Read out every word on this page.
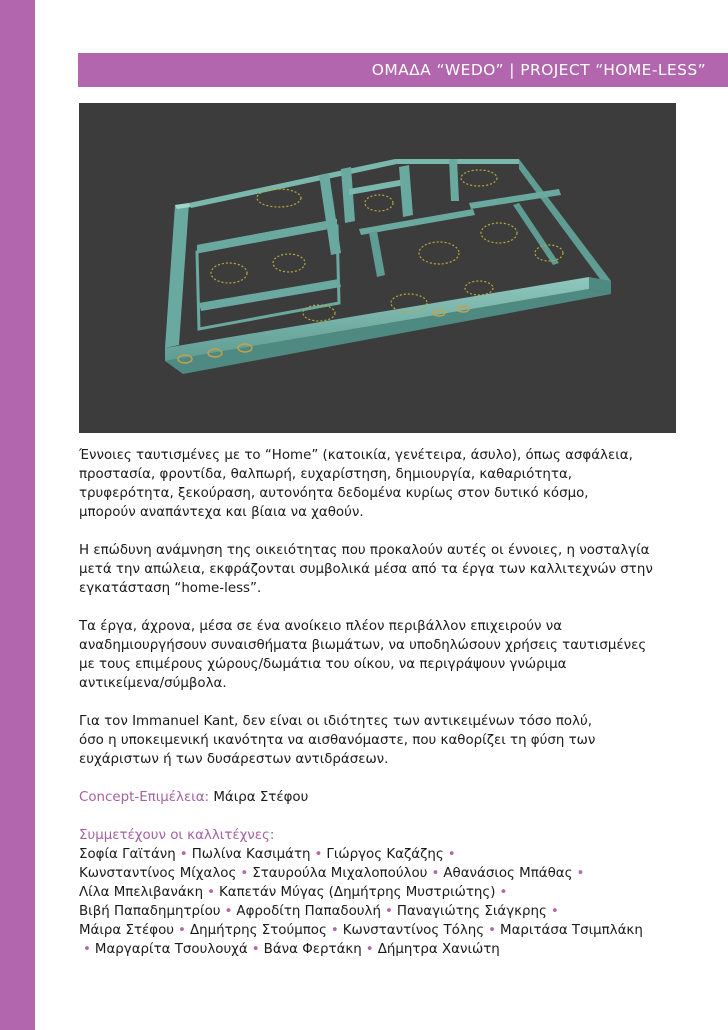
ΟΜΑΔΑ “WEDO” | PROJECT “HOME-LESS”

Έννοιες ταυτισμένες με το “Home” (κατοικία, γενέτειρα, άσυλο), όπως ασφάλεια,
προστασία, φροντίδα, θαλπωρή, ευχαρίστηση, δημιουργία, καθαριότητα,
τρυφερότητα, ξεκούραση, αυτονόητα δεδομένα κυρίως στον δυτικό κόσμο,
μπορούν αναπάντεχα και βίαια να χαθούν.

Η επώδυνη ανάμνηση της οικειότητας που προκαλούν αυτές οι έννοιες, η νοσταλγία
μετά την απώλεια, εκφράζονται συμβολικά μέσα από τα έργα των καλλιτεχνών στην
εγκατάσταση “home-less”.

Τα έργα, άχρονα, μέσα σε ένα ανοίκειο πλέον περιβάλλον επιχειρούν να
αναδημιουργήσουν συναισθήματα βιωμάτων, να υποδηλώσουν χρήσεις ταυτισμένες
με τους επιμέρους χώρους/δωμάτια του οίκου, να περιγράψουν γνώριμα
αντικείμενα/σύμβολα.

Για τον Immanuel Kant, δεν είναι οι ιδιότητες των αντικειμένων τόσο πολύ,
όσο η υποκειμενική ικανότητα να αισθανόμαστε, που καθορίζει τη φύση των
ευχάριστων ή των δυσάρεστων αντιδράσεων.

Concept-Επιμέλεια: Μάιρα Στέφου
Συμμετέχουν οι καλλιτέχνες:
Σοφία Γαϊτάνη • Πωλίνα Κασιμάτη • Γιώργος Καζάζης •
Κωνσταντίνος Μίχαλος • Σταυρούλα Μιχαλοπούλου • Αθανάσιος Μπάθας •
Λίλα Μπελιβανάκη • Καπετάν Μύγας (Δημήτρης Μυστριώτης) •
Βιβή Παπαδημητρίου • Αφροδίτη Παπαδουλή • Παναγιώτης Σιάγκρης •
Μάιρα Στέφου • Δημήτρης Στούμπος • Κωνσταντίνος Τόλης • Μαριτάσα Τσιμπλάκη
• Μαργαρίτα Τσουλουχά • Βάνα Φερτάκη • Δήμητρα Χανιώτη
